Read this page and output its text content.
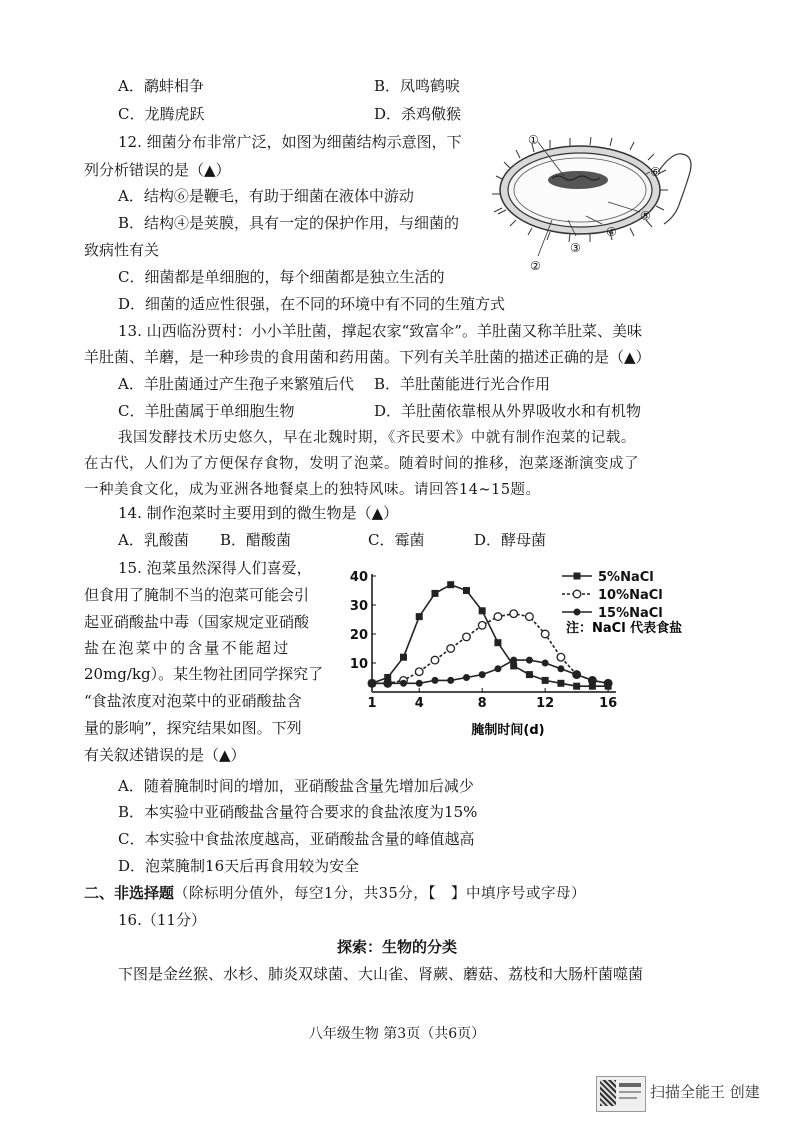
A．鹬蚌相争	B．凤鸣鹤唳
C．龙腾虎跃	D．杀鸡儆猴
12. 细菌分布非常广泛，如图为细菌结构示意图，下
列分析错误的是（▲）
A．结构⑥是鞭毛，有助于细菌在液体中游动
B．结构④是荚膜，具有一定的保护作用，与细菌的
致病性有关
C．细菌都是单细胞的，每个细菌都是独立生活的
D．细菌的适应性很强，在不同的环境中有不同的生殖方式
①
②
③
④
⑤
⑥
13. 山西临汾贾村：小小羊肚菌，撑起农家“致富伞”。羊肚菌又称羊肚菜、美味
羊肚菌、羊蘑，是一种珍贵的食用菌和药用菌。下列有关羊肚菌的描述正确的是（▲）
A．羊肚菌通过产生孢子来繁殖后代 B．羊肚菌能进行光合作用
C．羊肚菌属于单细胞生物	D．羊肚菌依靠根从外界吸收水和有机物
我国发酵技术历史悠久，早在北魏时期，《齐民要术》中就有制作泡菜的记载。
在古代，人们为了方便保存食物，发明了泡菜。随着时间的推移，泡菜逐渐演变成了
一种美食文化，成为亚洲各地餐桌上的独特风味。请回答14~15题。
14. 制作泡菜时主要用到的微生物是（▲）
A．乳酸菌 B．醋酸菌	C．霉菌	D．酵母菌
15. 泡菜虽然深得人们喜爱，
但食用了腌制不当的泡菜可能会引
起亚硝酸盐中毒（国家规定亚硝酸
盐在泡菜中的含量不能超过
20mg/kg）。某生物社团同学探究了
“食盐浓度对泡菜中的亚硝酸盐含
量的影响”，探究结果如图。下列
有关叙述错误的是（▲）
1	4	8	12	16
40
30
20
10
腌制时间(d)
5%NaCl
10%NaCl
15%NaCl
注：NaCl 代表食盐
A．随着腌制时间的增加，亚硝酸盐含量先增加后减少
B．本实验中亚硝酸盐含量符合要求的食盐浓度为15%
C．本实验中食盐浓度越高，亚硝酸盐含量的峰值越高
D．泡菜腌制16天后再食用较为安全
二、非选择题（除标明分值外，每空1分，共35分，【　】中填序号或字母）
16.（11分）
探索：生物的分类
下图是金丝猴、水杉、肺炎双球菌、大山雀、肾蕨、蘑菇、荔枝和大肠杆菌噬菌
八年级生物 第3页（共6页）
扫描全能王 创建
